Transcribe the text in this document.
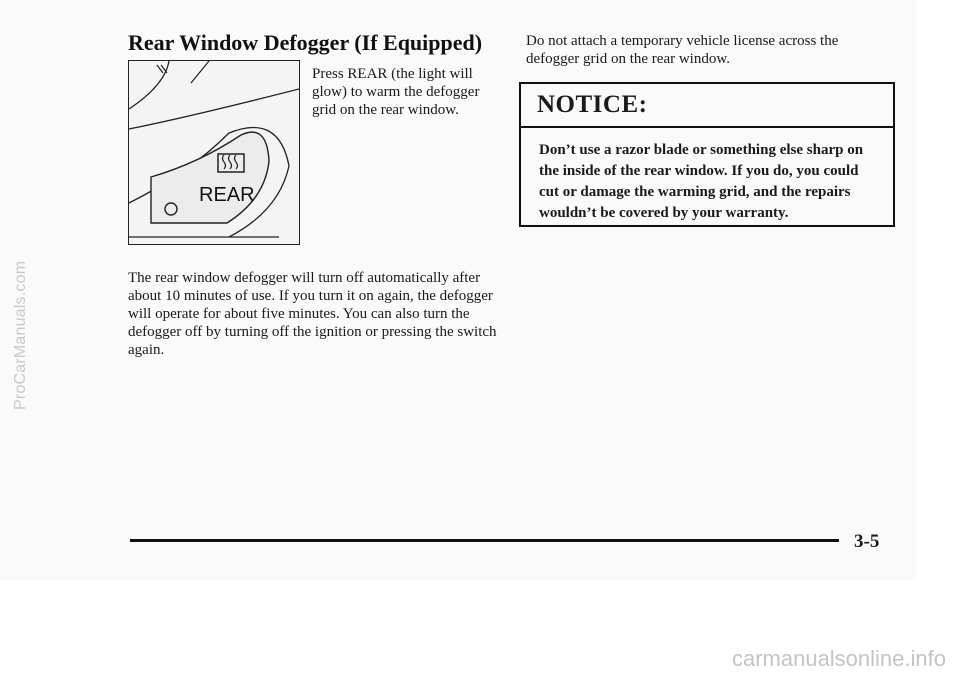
ProCarManuals.com
Rear Window Defogger (If Equipped)
REAR
Press REAR (the light will glow) to warm the defogger grid on the rear window.
The rear window defogger will turn off automatically after about 10 minutes of use. If you turn it on again, the defogger will operate for about five minutes. You can also turn the defogger off by turning off the ignition or pressing the switch again.
Do not attach a temporary vehicle license across the defogger grid on the rear window.
NOTICE:
Don’t use a razor blade or something else sharp on the inside of the rear window. If you do, you could cut or damage the warming grid, and the repairs wouldn’t be covered by your warranty.
3-5
carmanualsonline.info
